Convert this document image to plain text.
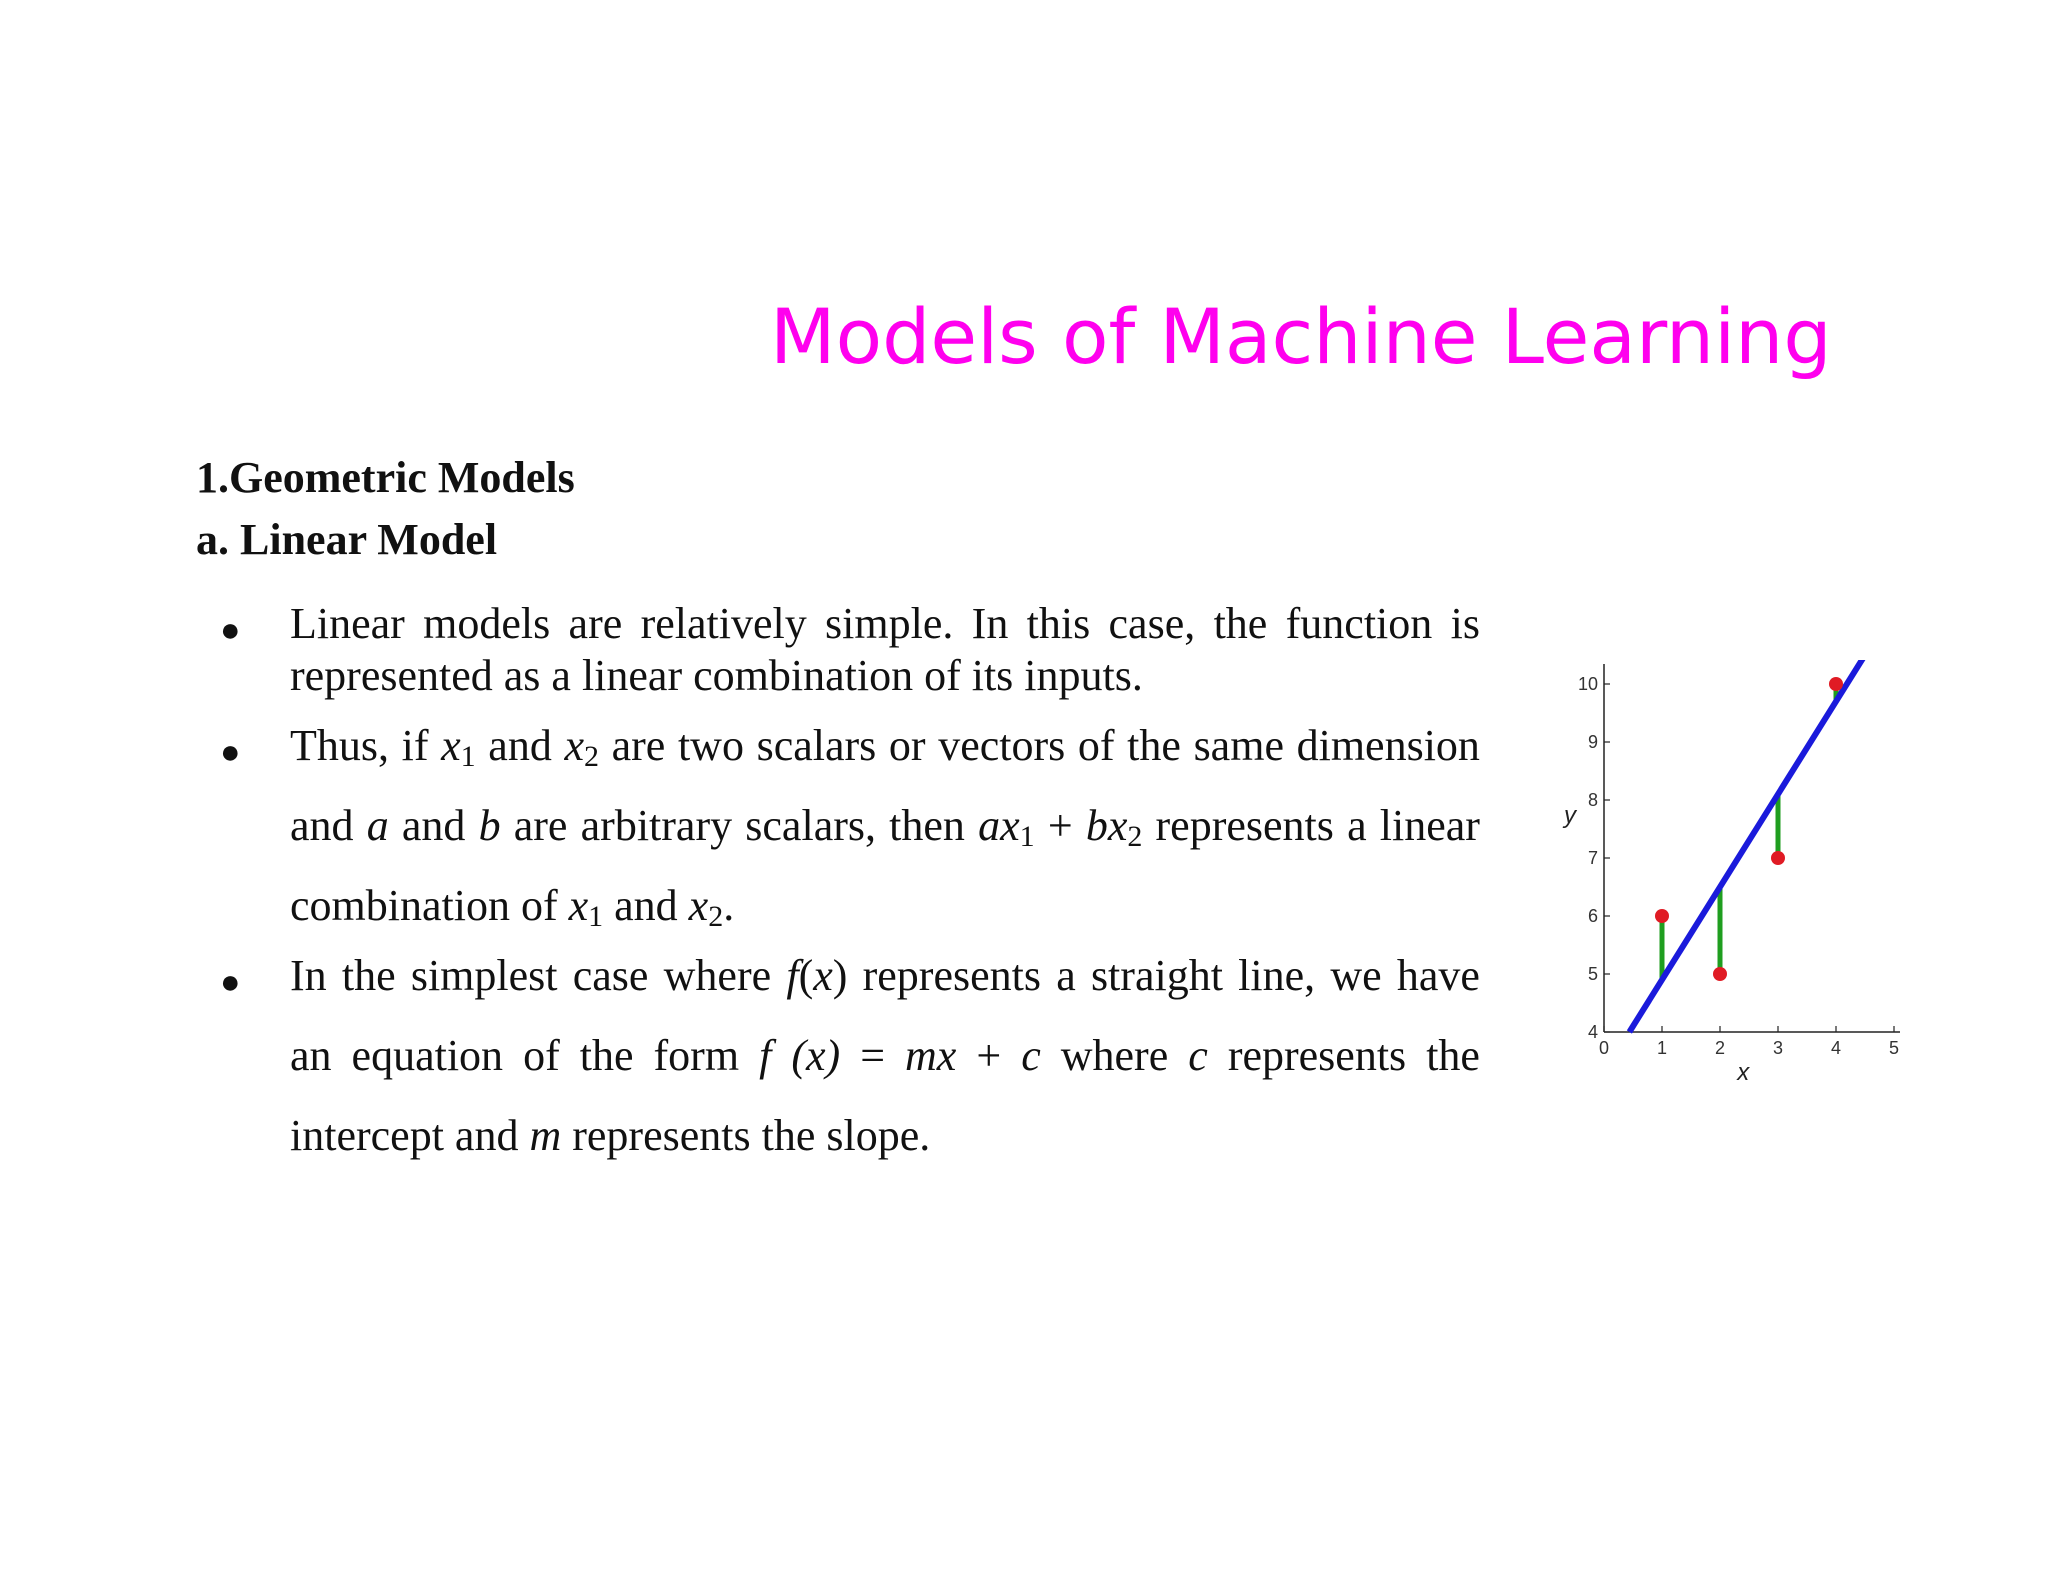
Models of Machine Learning
1.Geometric Models
a. Linear Model
● Linear models are relatively simple. In this case, the function is
represented as a linear combination of its inputs.
● Thus, if $x_1$ and $x_2$ are two scalars or vectors of the same dimension
and a and b are arbitrary scalars, then $ax_1 + bx_2$ represents a linear
combination of $x_1$ and $x_2$.
● In the simplest case where f(x) represents a straight line, we have
an equation of the form f (x) = mx + c where c represents the
intercept and m represents the slope.
0	1	2	3	4	5
4
5
6
7
8
9
10
x
y
